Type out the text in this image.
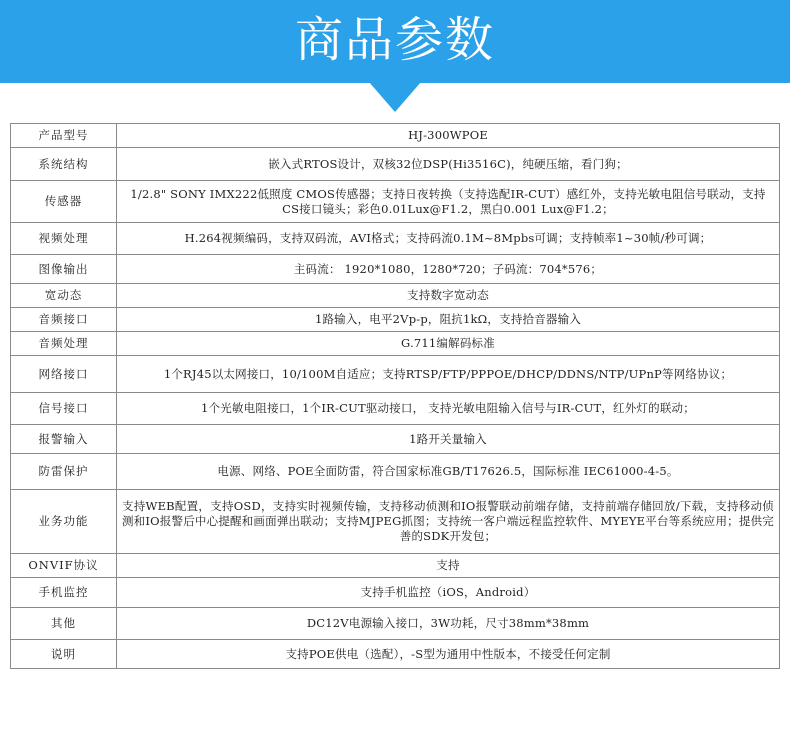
商品参数
产品型号	HJ-300WPOE
系统结构	嵌入式RTOS设计，双核32位DSP(Hi3516C)，纯硬压缩，看门狗；
传感器	1/2.8" SONY IMX222低照度 CMOS传感器；支持日夜转换（支持选配IR-CUT）感红外，支持光敏电阻信号联动，支持CS接口镜头；彩色0.01Lux@F1.2，黑白0.001 Lux@F1.2；
视频处理	H.264视频编码，支持双码流，AVI格式；支持码流0.1M~8Mpbs可调；支持帧率1~30帧/秒可调；
图像输出	主码流： 1920*1080，1280*720；子码流：704*576；
宽动态	支持数字宽动态
音频接口	1路输入，电平2Vp-p，阻抗1kΩ，支持拾音器输入
音频处理	G.711编解码标准
网络接口	1个RJ45以太网接口，10/100M自适应；支持RTSP/FTP/PPPOE/DHCP/DDNS/NTP/UPnP等网络协议；
信号接口	1个光敏电阻接口，1个IR-CUT驱动接口， 支持光敏电阻输入信号与IR-CUT，红外灯的联动；
报警输入	1路开关量输入
防雷保护	电源、网络、POE全面防雷，符合国家标准GB/T17626.5，国际标准 IEC61000-4-5。
业务功能	支持WEB配置，支持OSD，支持实时视频传输，支持移动侦测和IO报警联动前端存储，支持前端存储回放/下载，支持移动侦测和IO报警后中心提醒和画面弹出联动；支持MJPEG抓图；支持统一客户端远程监控软件、MYEYE平台等系统应用；提供完善的SDK开发包；
ONVIF协议	支持
手机监控	支持手机监控（iOS，Android）
其他	DC12V电源输入接口，3W功耗，尺寸38mm*38mm
说明	支持POE供电（选配），-S型为通用中性版本，不接受任何定制
